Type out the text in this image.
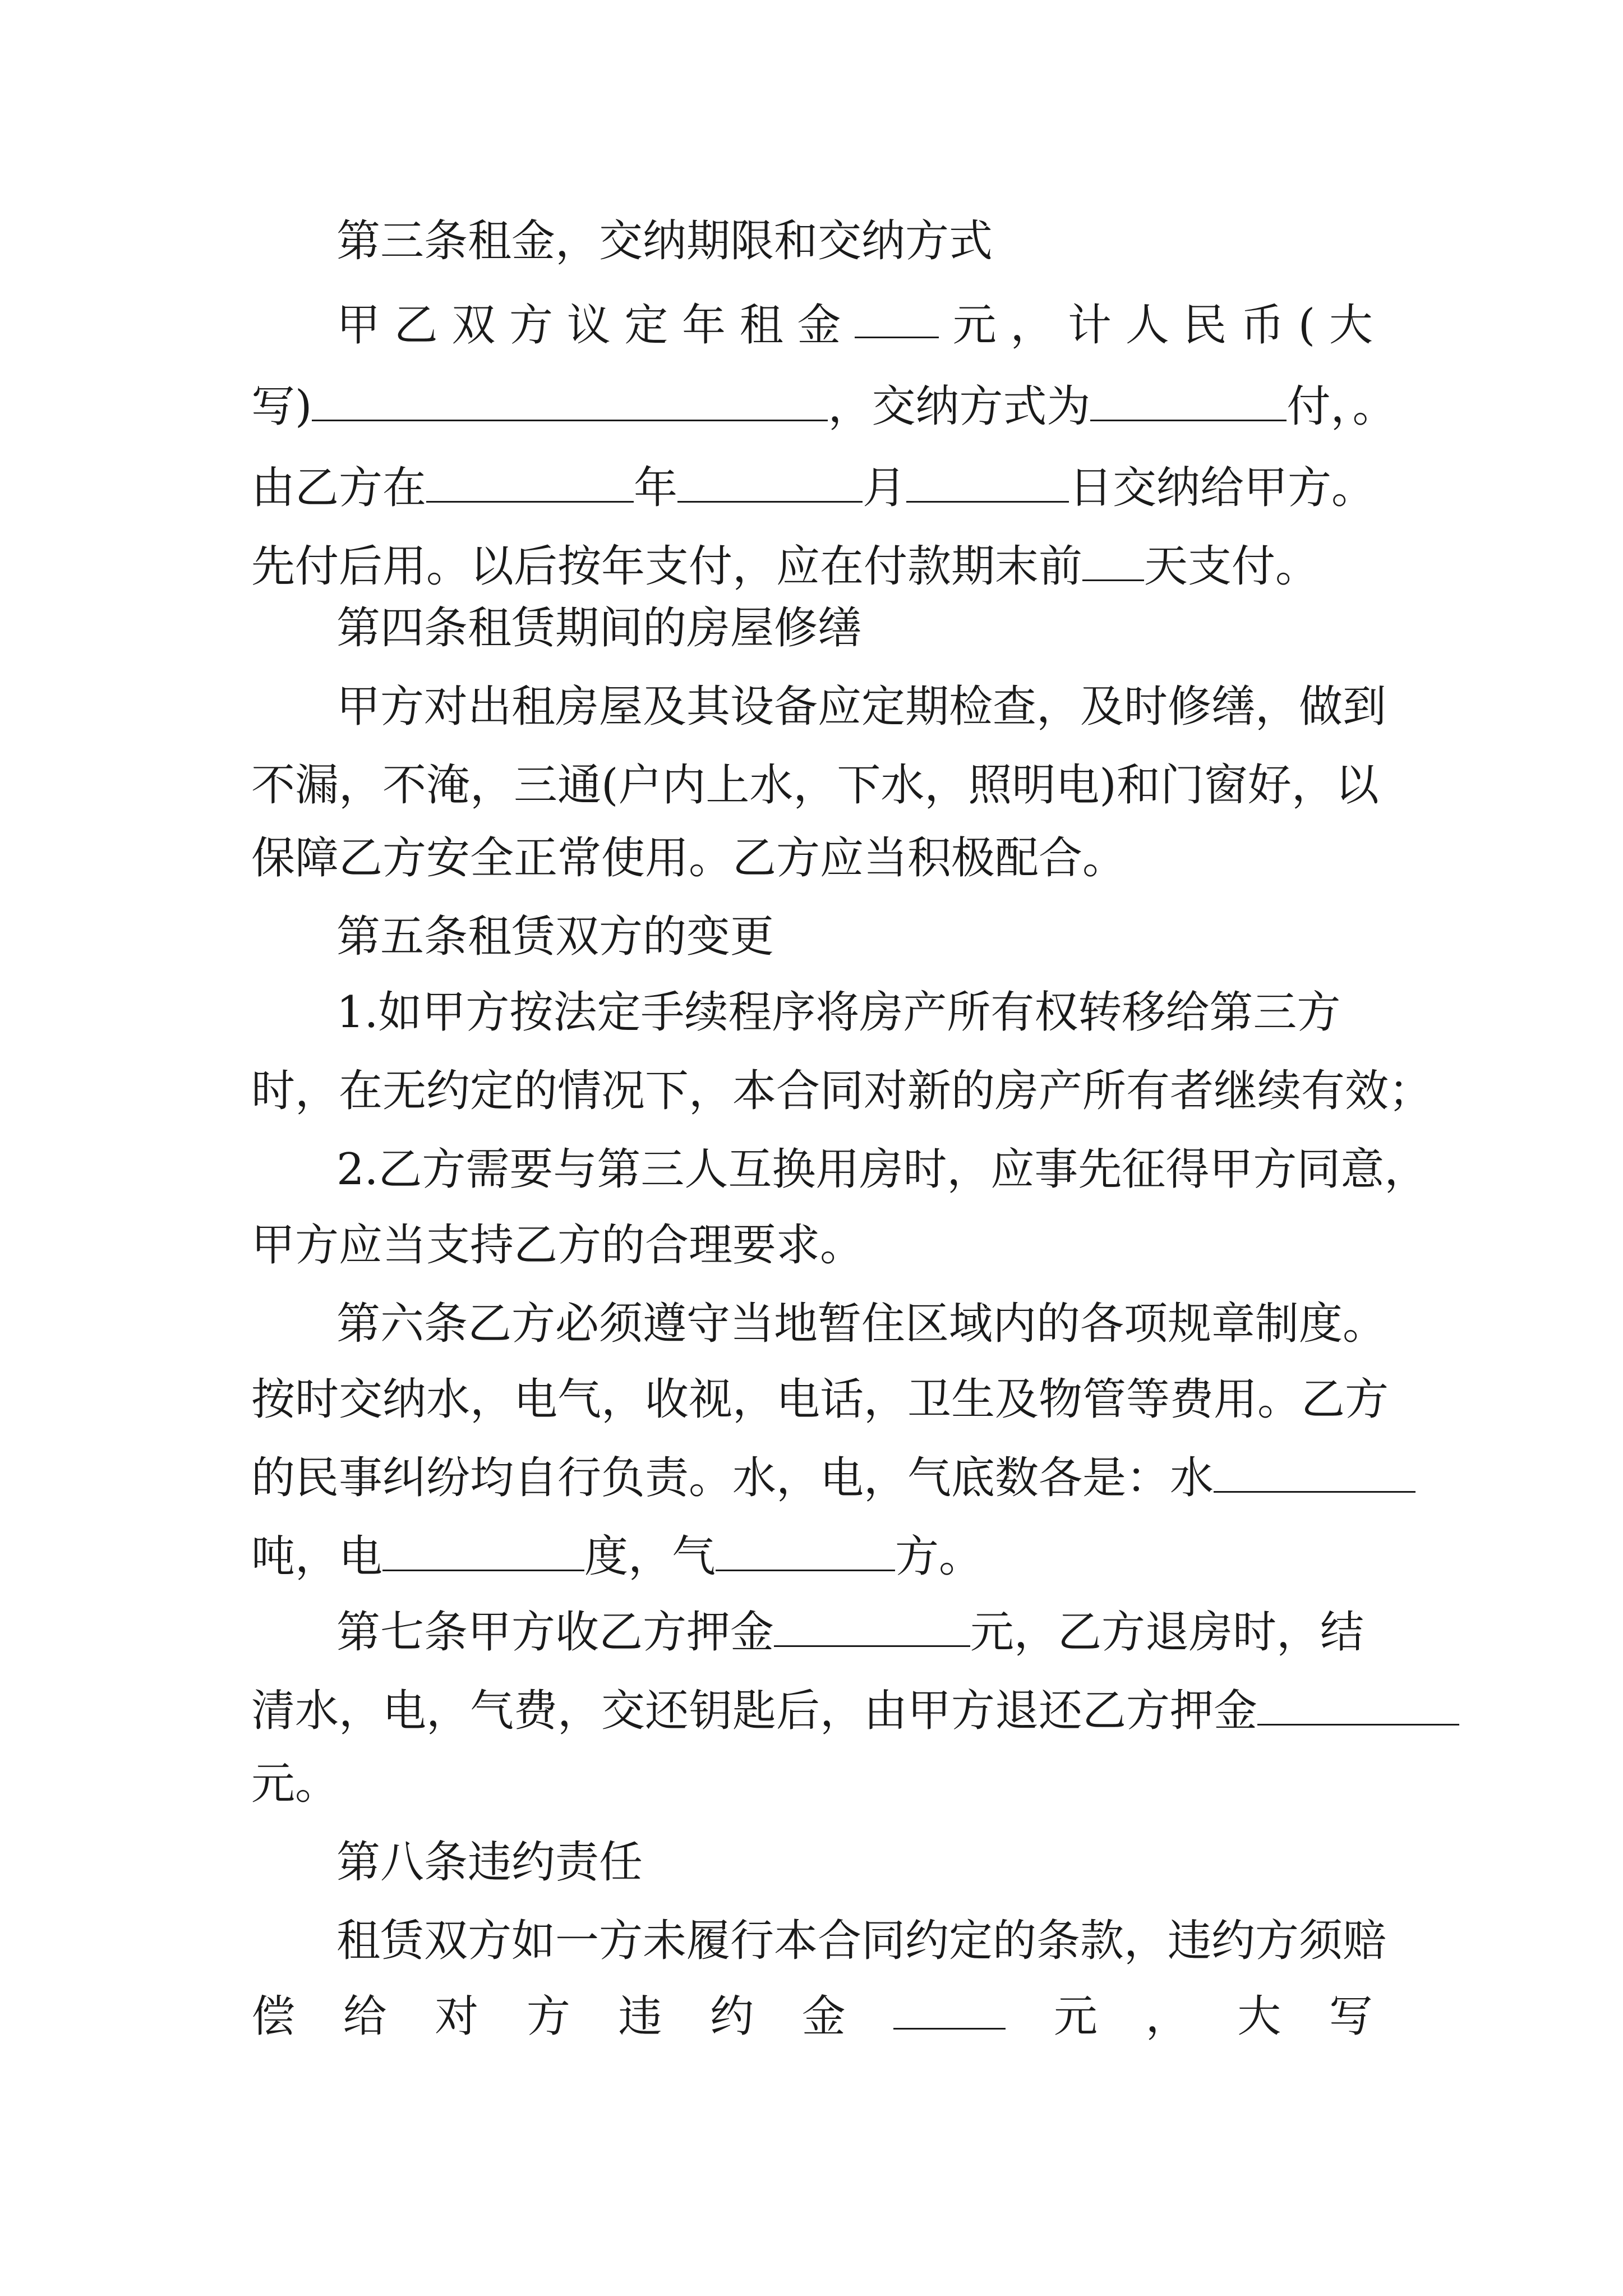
第三条租金，交纳期限和交纳方式
甲 乙 双 方 议 定 年 租 金	元 ， 计 人 民 币 ( 大
写)	，交纳方式为	付，。
由乙方在	年	月	日交纳给甲方。
先付后用。以后按年支付，应在付款期末前 天支付。
第四条租赁期间的房屋修缮
甲方对出租房屋及其设备应定期检查，及时修缮，做到
不漏，不淹，三通(户内上水，下水，照明电)和门窗好，以
保障乙方安全正常使用。乙方应当积极配合。
第五条租赁双方的变更
1.如甲方按法定手续程序将房产所有权转移给第三方
时，在无约定的情况下，本合同对新的房产所有者继续有效；
2.乙方需要与第三人互换用房时，应事先征得甲方同意，
甲方应当支持乙方的合理要求。
第六条乙方必须遵守当地暂住区域内的各项规章制度。
按时交纳水，电气，收视，电话，卫生及物管等费用。乙方
的民事纠纷均自行负责。水，电，气底数各是：水
吨，电	度，气	方。
第七条甲方收乙方押金	元，乙方退房时，结
清水，电，气费，交还钥匙后，由甲方退还乙方押金
元。
第八条违约责任
租赁双方如一方未履行本合同约定的条款，违约方须赔
偿 给 对 方 违 约 金	元 ， 大 写
